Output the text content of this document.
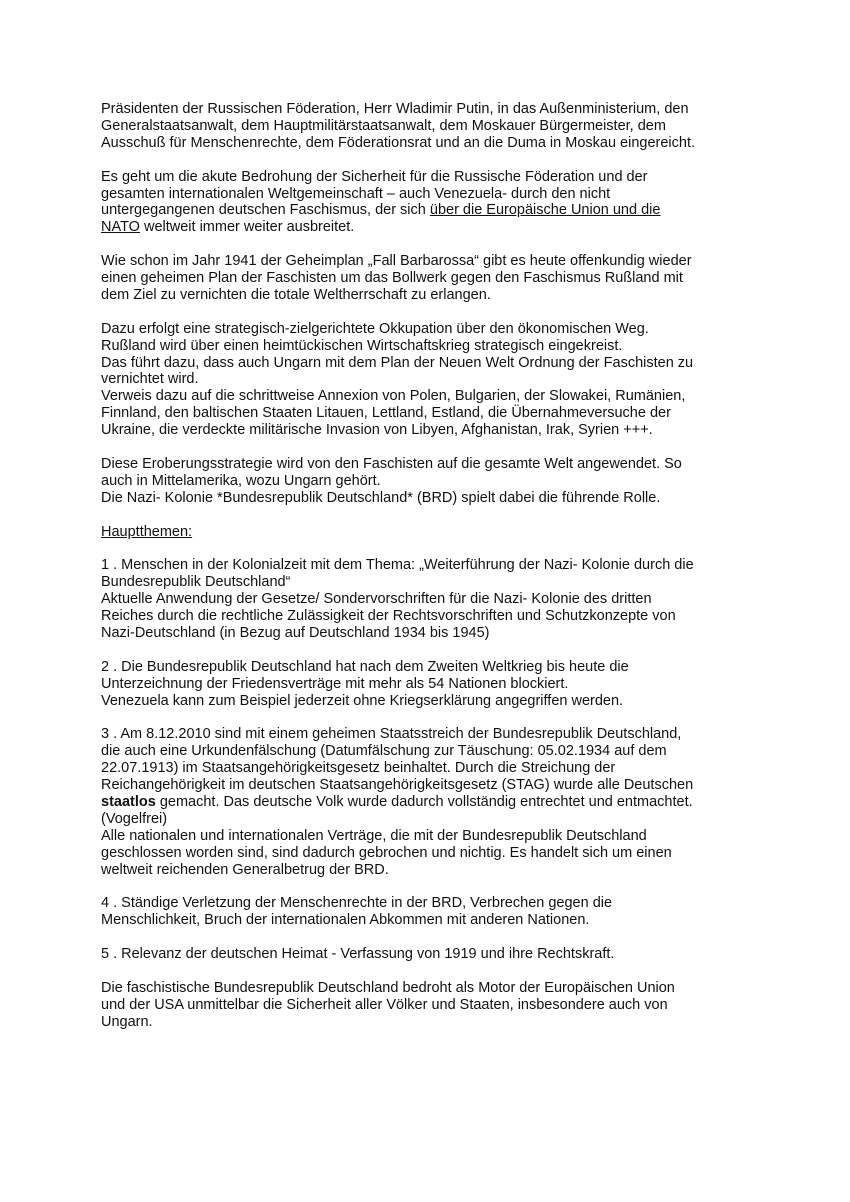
Präsidenten der Russischen Föderation, Herr Wladimir Putin, in das Außenministerium, den
Generalstaatsanwalt, dem Hauptmilitärstaatsanwalt, dem Moskauer Bürgermeister, dem
Ausschuß für Menschenrechte, dem Föderationsrat und an die Duma in Moskau eingereicht.

Es geht um die akute Bedrohung der Sicherheit für die Russische Föderation und der
gesamten internationalen Weltgemeinschaft – auch Venezuela- durch den nicht
untergegangenen deutschen Faschismus, der sich über die Europäische Union und die
NATO weltweit immer weiter ausbreitet.

Wie schon im Jahr 1941 der Geheimplan „Fall Barbarossa“ gibt es heute offenkundig wieder
einen geheimen Plan der Faschisten um das Bollwerk gegen den Faschismus Rußland mit
dem Ziel zu vernichten die totale Weltherrschaft zu erlangen.

Dazu erfolgt eine strategisch-zielgerichtete Okkupation über den ökonomischen Weg.
Rußland wird über einen heimtückischen Wirtschaftskrieg strategisch eingekreist.
Das führt dazu, dass auch Ungarn mit dem Plan der Neuen Welt Ordnung der Faschisten zu
vernichtet wird.
Verweis dazu auf die schrittweise Annexion von Polen, Bulgarien, der Slowakei, Rumänien,
Finnland, den baltischen Staaten Litauen, Lettland, Estland, die Übernahmeversuche der
Ukraine, die verdeckte militärische Invasion von Libyen, Afghanistan, Irak, Syrien +++.

Diese Eroberungsstrategie wird von den Faschisten auf die gesamte Welt angewendet. So
auch in Mittelamerika, wozu Ungarn gehört.
Die Nazi- Kolonie *Bundesrepublik Deutschland* (BRD) spielt dabei die führende Rolle.

Hauptthemen:

1 . Menschen in der Kolonialzeit mit dem Thema: „Weiterführung der Nazi- Kolonie durch die
Bundesrepublik Deutschland“
Aktuelle Anwendung der Gesetze/ Sondervorschriften für die Nazi- Kolonie des dritten
Reiches durch die rechtliche Zulässigkeit der Rechtsvorschriften und Schutzkonzepte von
Nazi-Deutschland (in Bezug auf Deutschland 1934 bis 1945)

2 . Die Bundesrepublik Deutschland hat nach dem Zweiten Weltkrieg bis heute die
Unterzeichnung der Friedensverträge mit mehr als 54 Nationen blockiert.
Venezuela kann zum Beispiel jederzeit ohne Kriegserklärung angegriffen werden.

3 . Am 8.12.2010 sind mit einem geheimen Staatsstreich der Bundesrepublik Deutschland,
die auch eine Urkundenfälschung (Datumfälschung zur Täuschung: 05.02.1934 auf dem
22.07.1913) im Staatsangehörigkeitsgesetz beinhaltet. Durch die Streichung der
Reichangehörigkeit im deutschen Staatsangehörigkeitsgesetz (STAG) wurde alle Deutschen
staatlos gemacht. Das deutsche Volk wurde dadurch vollständig entrechtet und entmachtet.
(Vogelfrei)
Alle nationalen und internationalen Verträge, die mit der Bundesrepublik Deutschland
geschlossen worden sind, sind dadurch gebrochen und nichtig. Es handelt sich um einen
weltweit reichenden Generalbetrug der BRD.

4 . Ständige Verletzung der Menschenrechte in der BRD, Verbrechen gegen die
Menschlichkeit, Bruch der internationalen Abkommen mit anderen Nationen.

5 . Relevanz der deutschen Heimat - Verfassung von 1919 und ihre Rechtskraft.

Die faschistische Bundesrepublik Deutschland bedroht als Motor der Europäischen Union
und der USA unmittelbar die Sicherheit aller Völker und Staaten, insbesondere auch von
Ungarn.
